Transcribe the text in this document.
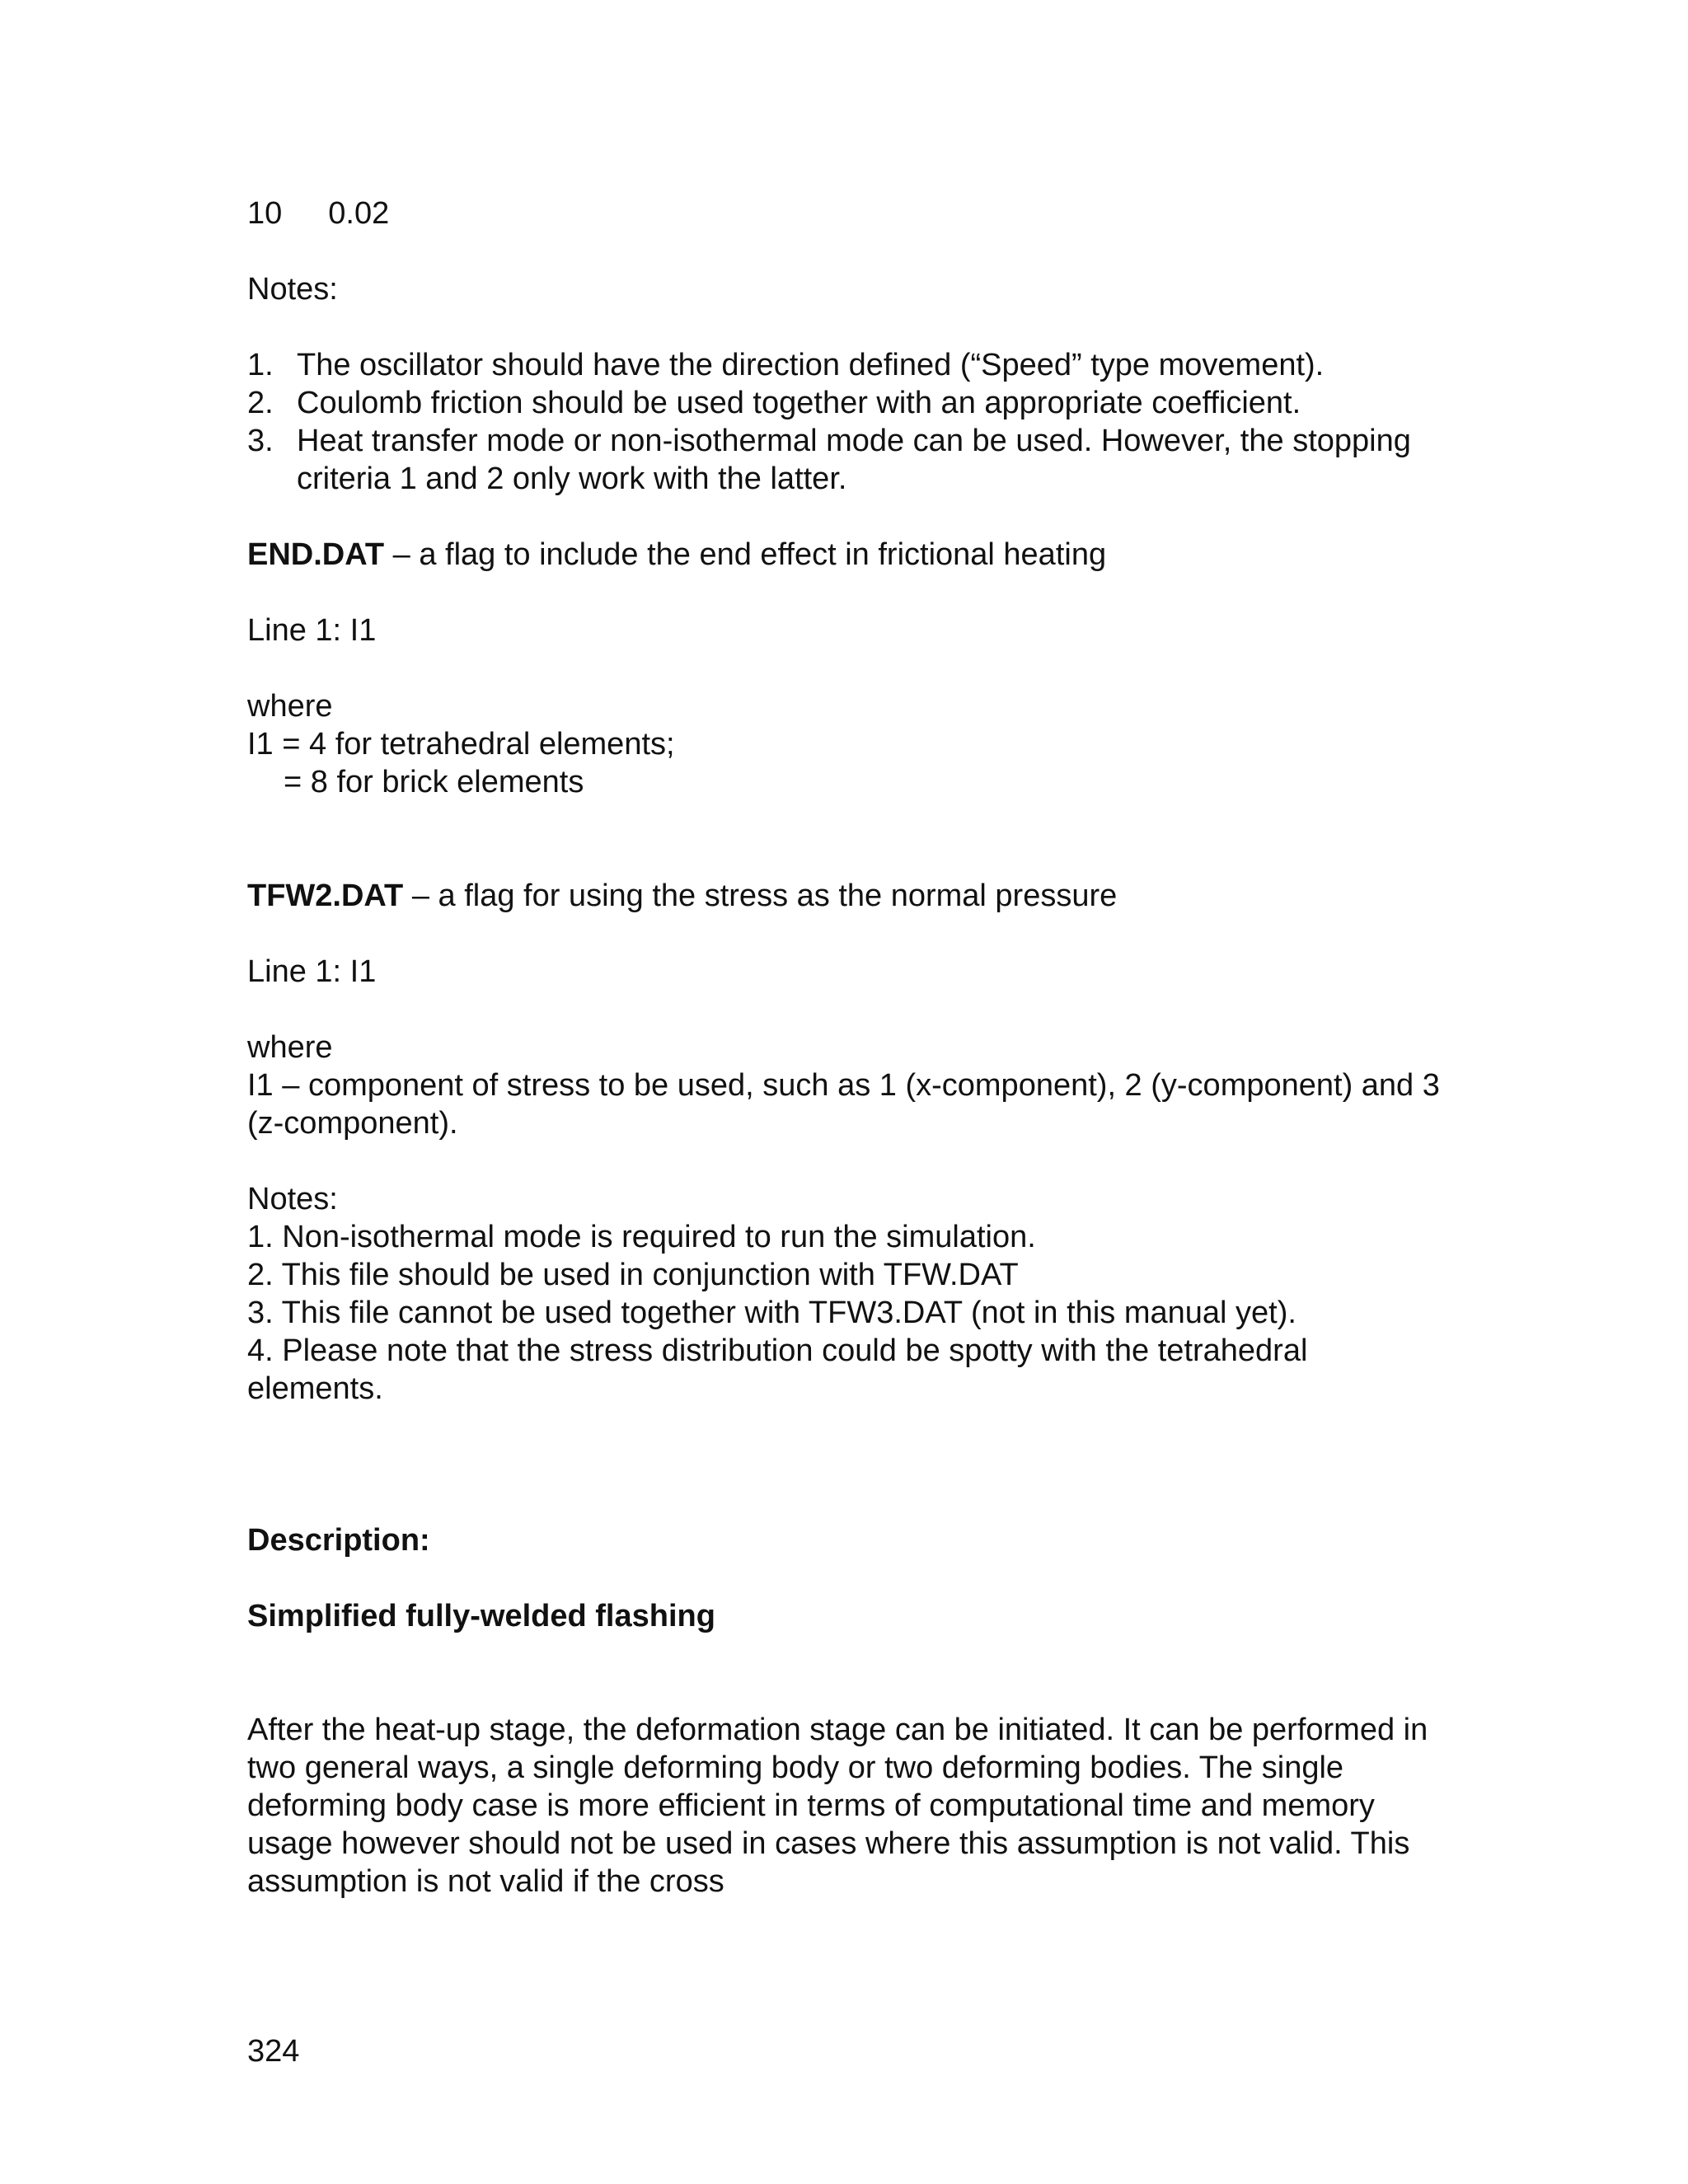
10 0.02

Notes:

1. The oscillator should have the direction defined (“Speed” type movement).
2. Coulomb friction should be used together with an appropriate coefficient.
3. Heat transfer mode or non-isothermal mode can be used. However, the stopping criteria 1 and 2 only work with the latter.

END.DAT – a flag to include the end effect in frictional heating

Line 1: I1

where

I1 = 4 for tetrahedral elements;

= 8 for brick elements

TFW2.DAT – a flag for using the stress as the normal pressure

Line 1: I1

where

I1 – component of stress to be used, such as 1 (x-component), 2 (y-component) and 3 (z-component).

Notes:

1. Non-isothermal mode is required to run the simulation.

2. This file should be used in conjunction with TFW.DAT

3. This file cannot be used together with TFW3.DAT (not in this manual yet).

4. Please note that the stress distribution could be spotty with the tetrahedral elements.

Description:

Simplified fully-welded flashing

After the heat-up stage, the deformation stage can be initiated. It can be performed in two general ways, a single deforming body or two deforming bodies. The single deforming body case is more efficient in terms of computational time and memory usage however should not be used in cases where this assumption is not valid. This assumption is not valid if the cross

324
